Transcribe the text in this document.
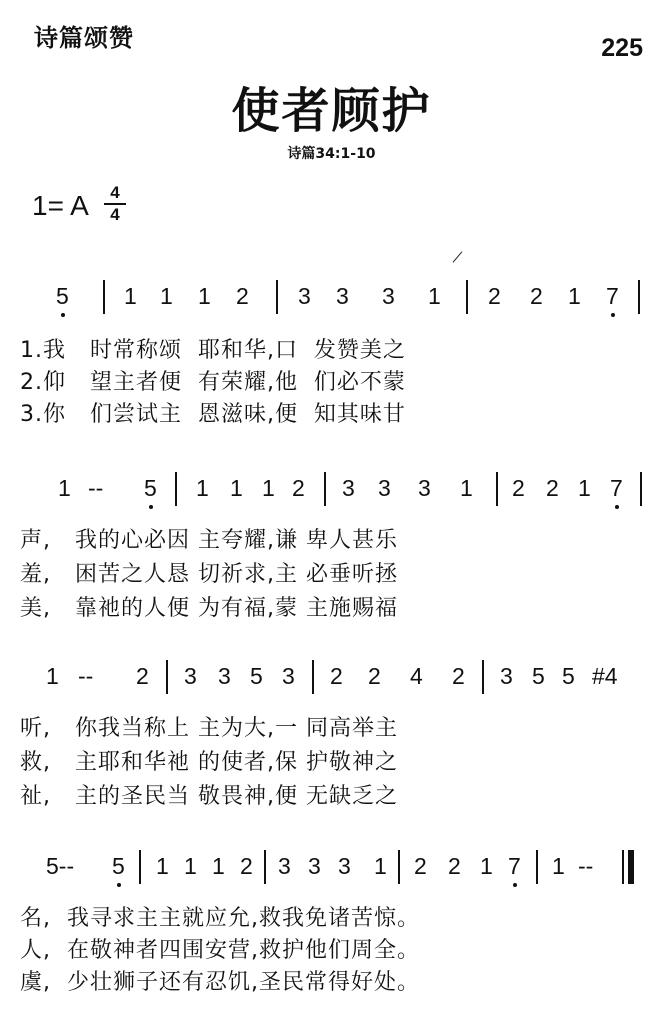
诗篇颂赞	225
使者顾护
诗篇34:1-10
1= A	4
4
5 1 1 1 2 3 3 3 1 2 2 1 7
1.我   时常称颂  耶和华,口  发赞美之
2.仰   望主者便  有荣耀,他  们必不蒙
3.你   们尝试主  恩滋味,便  知其味甘
1 -- 5 1 1 1 2 3 3 3 1 2 2 1 7
声,   我的心必因 主夸耀,谦 卑人甚乐
羞,   困苦之人恳 切祈求,主 必垂听拯
美,   靠祂的人便 为有福,蒙 主施赐福
1 -- 2 3 3 5 3 2 2 4 2 3 5 5 #4
听,   你我当称上 主为大,一 同高举主
救,   主耶和华祂 的使者,保 护敬神之
祉,   主的圣民当 敬畏神,便 无缺乏之
5-- 5 1 1 1 2 3 3 3 1 2 2 1 7 1 --
名,  我寻求主主就应允,救我免诸苦惊。
人,  在敬神者四围安营,救护他们周全。
虞,  少壮狮子还有忍饥,圣民常得好处。
